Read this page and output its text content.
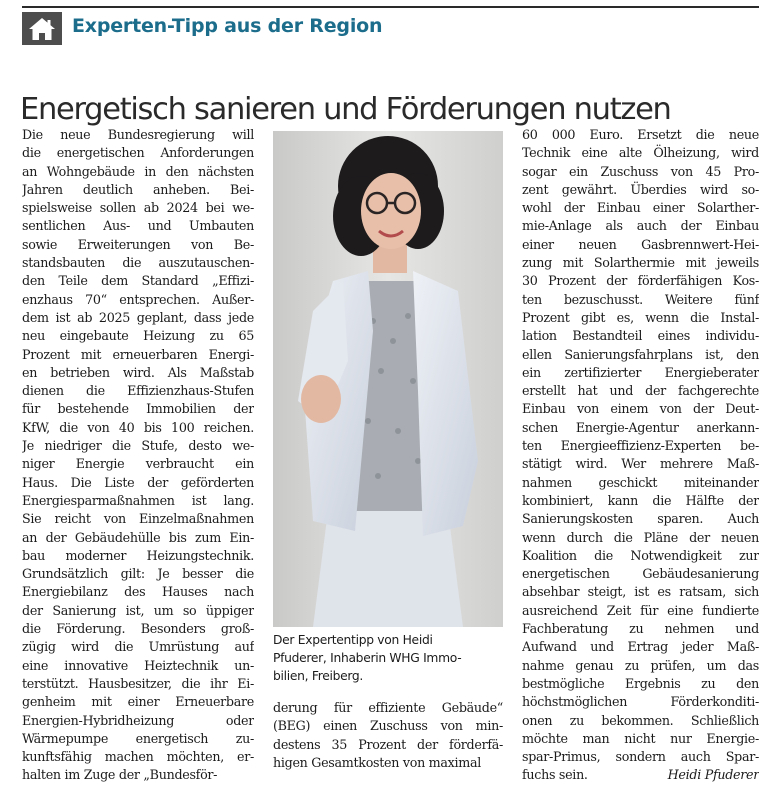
Experten-Tipp aus der Region
Energetisch sanieren und Förderungen nutzen
Die neue Bundesregierung will
die energetischen Anforderungen
an Wohngebäude in den nächsten
Jahren deutlich anheben. Bei-
spielsweise sollen ab 2024 bei we-
sentlichen Aus- und Umbauten
sowie Erweiterungen von Be-
standsbauten die auszutauschen-
den Teile dem Standard „Effizi-
enzhaus 70“ entsprechen. Außer-
dem ist ab 2025 geplant, dass jede
neu eingebaute Heizung zu 65
Prozent mit erneuerbaren Energi-
en betrieben wird. Als Maßstab
dienen die Effizienzhaus-Stufen
für bestehende Immobilien der
KfW, die von 40 bis 100 reichen.
Je niedriger die Stufe, desto we-
niger Energie verbraucht ein
Haus. Die Liste der geförderten
Energiesparmaßnahmen ist lang.
Sie reicht von Einzelmaßnahmen
an der Gebäudehülle bis zum Ein-
bau moderner Heizungstechnik.
Grundsätzlich gilt: Je besser die
Energiebilanz des Hauses nach
der Sanierung ist, um so üppiger
die Förderung. Besonders groß-
zügig wird die Umrüstung auf
eine innovative Heiztechnik un-
terstützt. Hausbesitzer, die ihr Ei-
genheim mit einer Erneuerbare
Energien-Hybridheizung oder
Wärmepumpe energetisch zu-
kunftsfähig machen möchten, er-
halten im Zuge der „Bundesför-
Der Expertentipp von Heidi
Pfuderer, Inhaberin WHG Immo-
bilien, Freiberg.
derung für effiziente Gebäude“
(BEG) einen Zuschuss von min-
destens 35 Prozent der förderfä-
higen Gesamtkosten von maximal
60 000 Euro. Ersetzt die neue
Technik eine alte Ölheizung, wird
sogar ein Zuschuss von 45 Pro-
zent gewährt. Überdies wird so-
wohl der Einbau einer Solarther-
mie-Anlage als auch der Einbau
einer neuen Gasbrennwert-Hei-
zung mit Solarthermie mit jeweils
30 Prozent der förderfähigen Kos-
ten bezuschusst. Weitere fünf
Prozent gibt es, wenn die Instal-
lation Bestandteil eines individu-
ellen Sanierungsfahrplans ist, den
ein zertifizierter Energieberater
erstellt hat und der fachgerechte
Einbau von einem von der Deut-
schen Energie-Agentur anerkann-
ten Energieeffizienz-Experten be-
stätigt wird. Wer mehrere Maß-
nahmen geschickt miteinander
kombiniert, kann die Hälfte der
Sanierungskosten sparen. Auch
wenn durch die Pläne der neuen
Koalition die Notwendigkeit zur
energetischen Gebäudesanierung
absehbar steigt, ist es ratsam, sich
ausreichend Zeit für eine fundierte
Fachberatung zu nehmen und
Aufwand und Ertrag jeder Maß-
nahme genau zu prüfen, um das
bestmögliche Ergebnis zu den
höchstmöglichen Förderkonditi-
onen zu bekommen. Schließlich
möchte man nicht nur Energie-
spar-Primus, sondern auch Spar-
fuchs sein.	Heidi Pfuderer
